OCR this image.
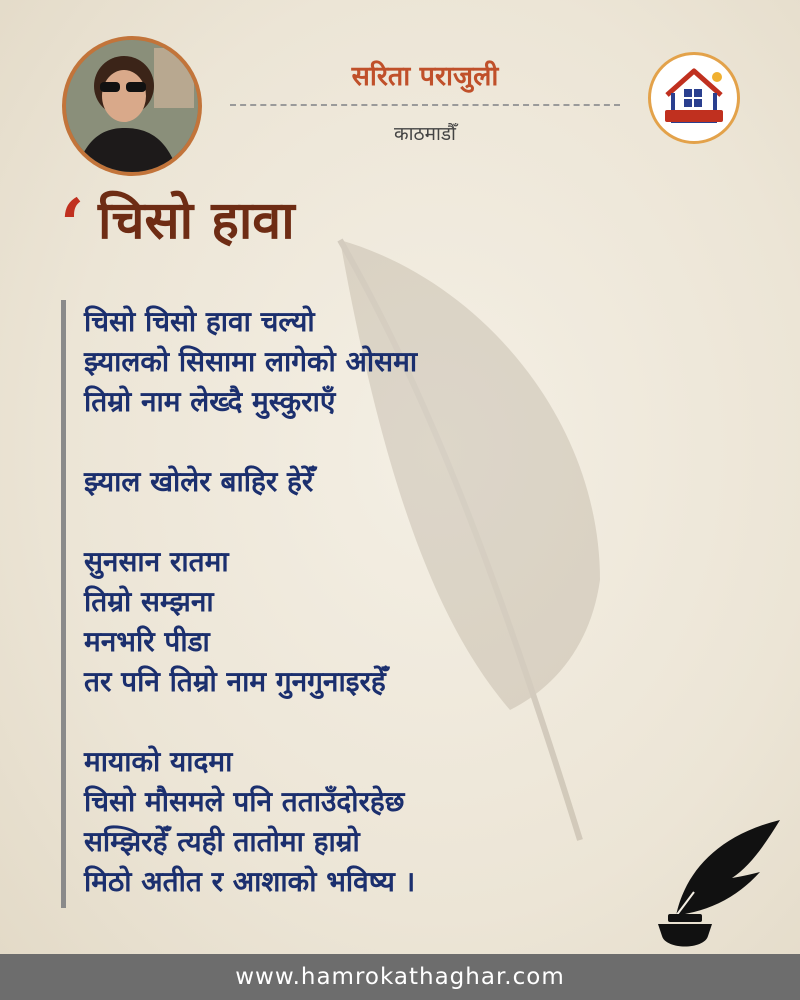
सरिता पराजुली
काठमाडौँ
‘ चिसो हावा
चिसो चिसो हावा चल्यो
झ्यालको सिसामा लागेको ओसमा
तिम्रो नाम लेख्दै मुस्कुराएँ
झ्याल खोलेर बाहिर हेरेँ
सुनसान रातमा
तिम्रो सम्झना
मनभरि पीडा
तर पनि तिम्रो नाम गुनगुनाइरहेँ
मायाको यादमा
चिसो मौसमले पनि तताउँदोरहेछ
सम्झिरहेँ त्यही तातोमा हाम्रो
मिठो अतीत र आशाको भविष्य ।
www.hamrokathaghar.com
